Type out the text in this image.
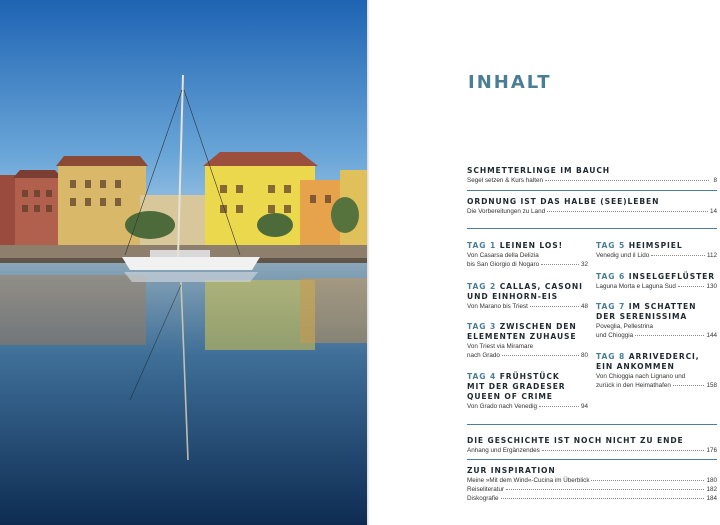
INHALT
SCHMETTERLINGE IM BAUCH
Segel setzen & Kurs halten	8
ORDNUNG IST DAS HALBE (SEE)LEBEN
Die Vorbereitungen zu Land	14
TAG 1 LEINEN LOS!
Von Casarsa della Delizia
bis San Giorgio di Nogaro	32
TAG 2 CALLAS, CASONI
UND EINHORN-EIS
Von Marano bis Triest	48
TAG 3 ZWISCHEN DEN
ELEMENTEN ZUHAUSE
Von Triest via Miramare
nach Grado	80
TAG 4 FRÜHSTÜCK
MIT DER GRADESER
QUEEN OF CRIME
Von Grado nach Venedig	94
TAG 5 HEIMSPIEL
Venedig und il Lido	112
TAG 6 INSELGEFLÜSTER
Laguna Morta e Laguna Sud	130
TAG 7 IM SCHATTEN
DER SERENISSIMA
Poveglia, Pellestrina
und Chioggia	144
TAG 8 ARRIVEDERCI,
EIN ANKOMMEN
Von Chioggia nach Lignano und
zurück in den Heimathafen	158
DIE GESCHICHTE IST NOCH NICHT ZU ENDE
Anhang und Ergänzendes	176
ZUR INSPIRATION
Meine »Mit dem Wind«-Cucina im Überblick	180
Reiseliteratur	182
Diskografie	184
